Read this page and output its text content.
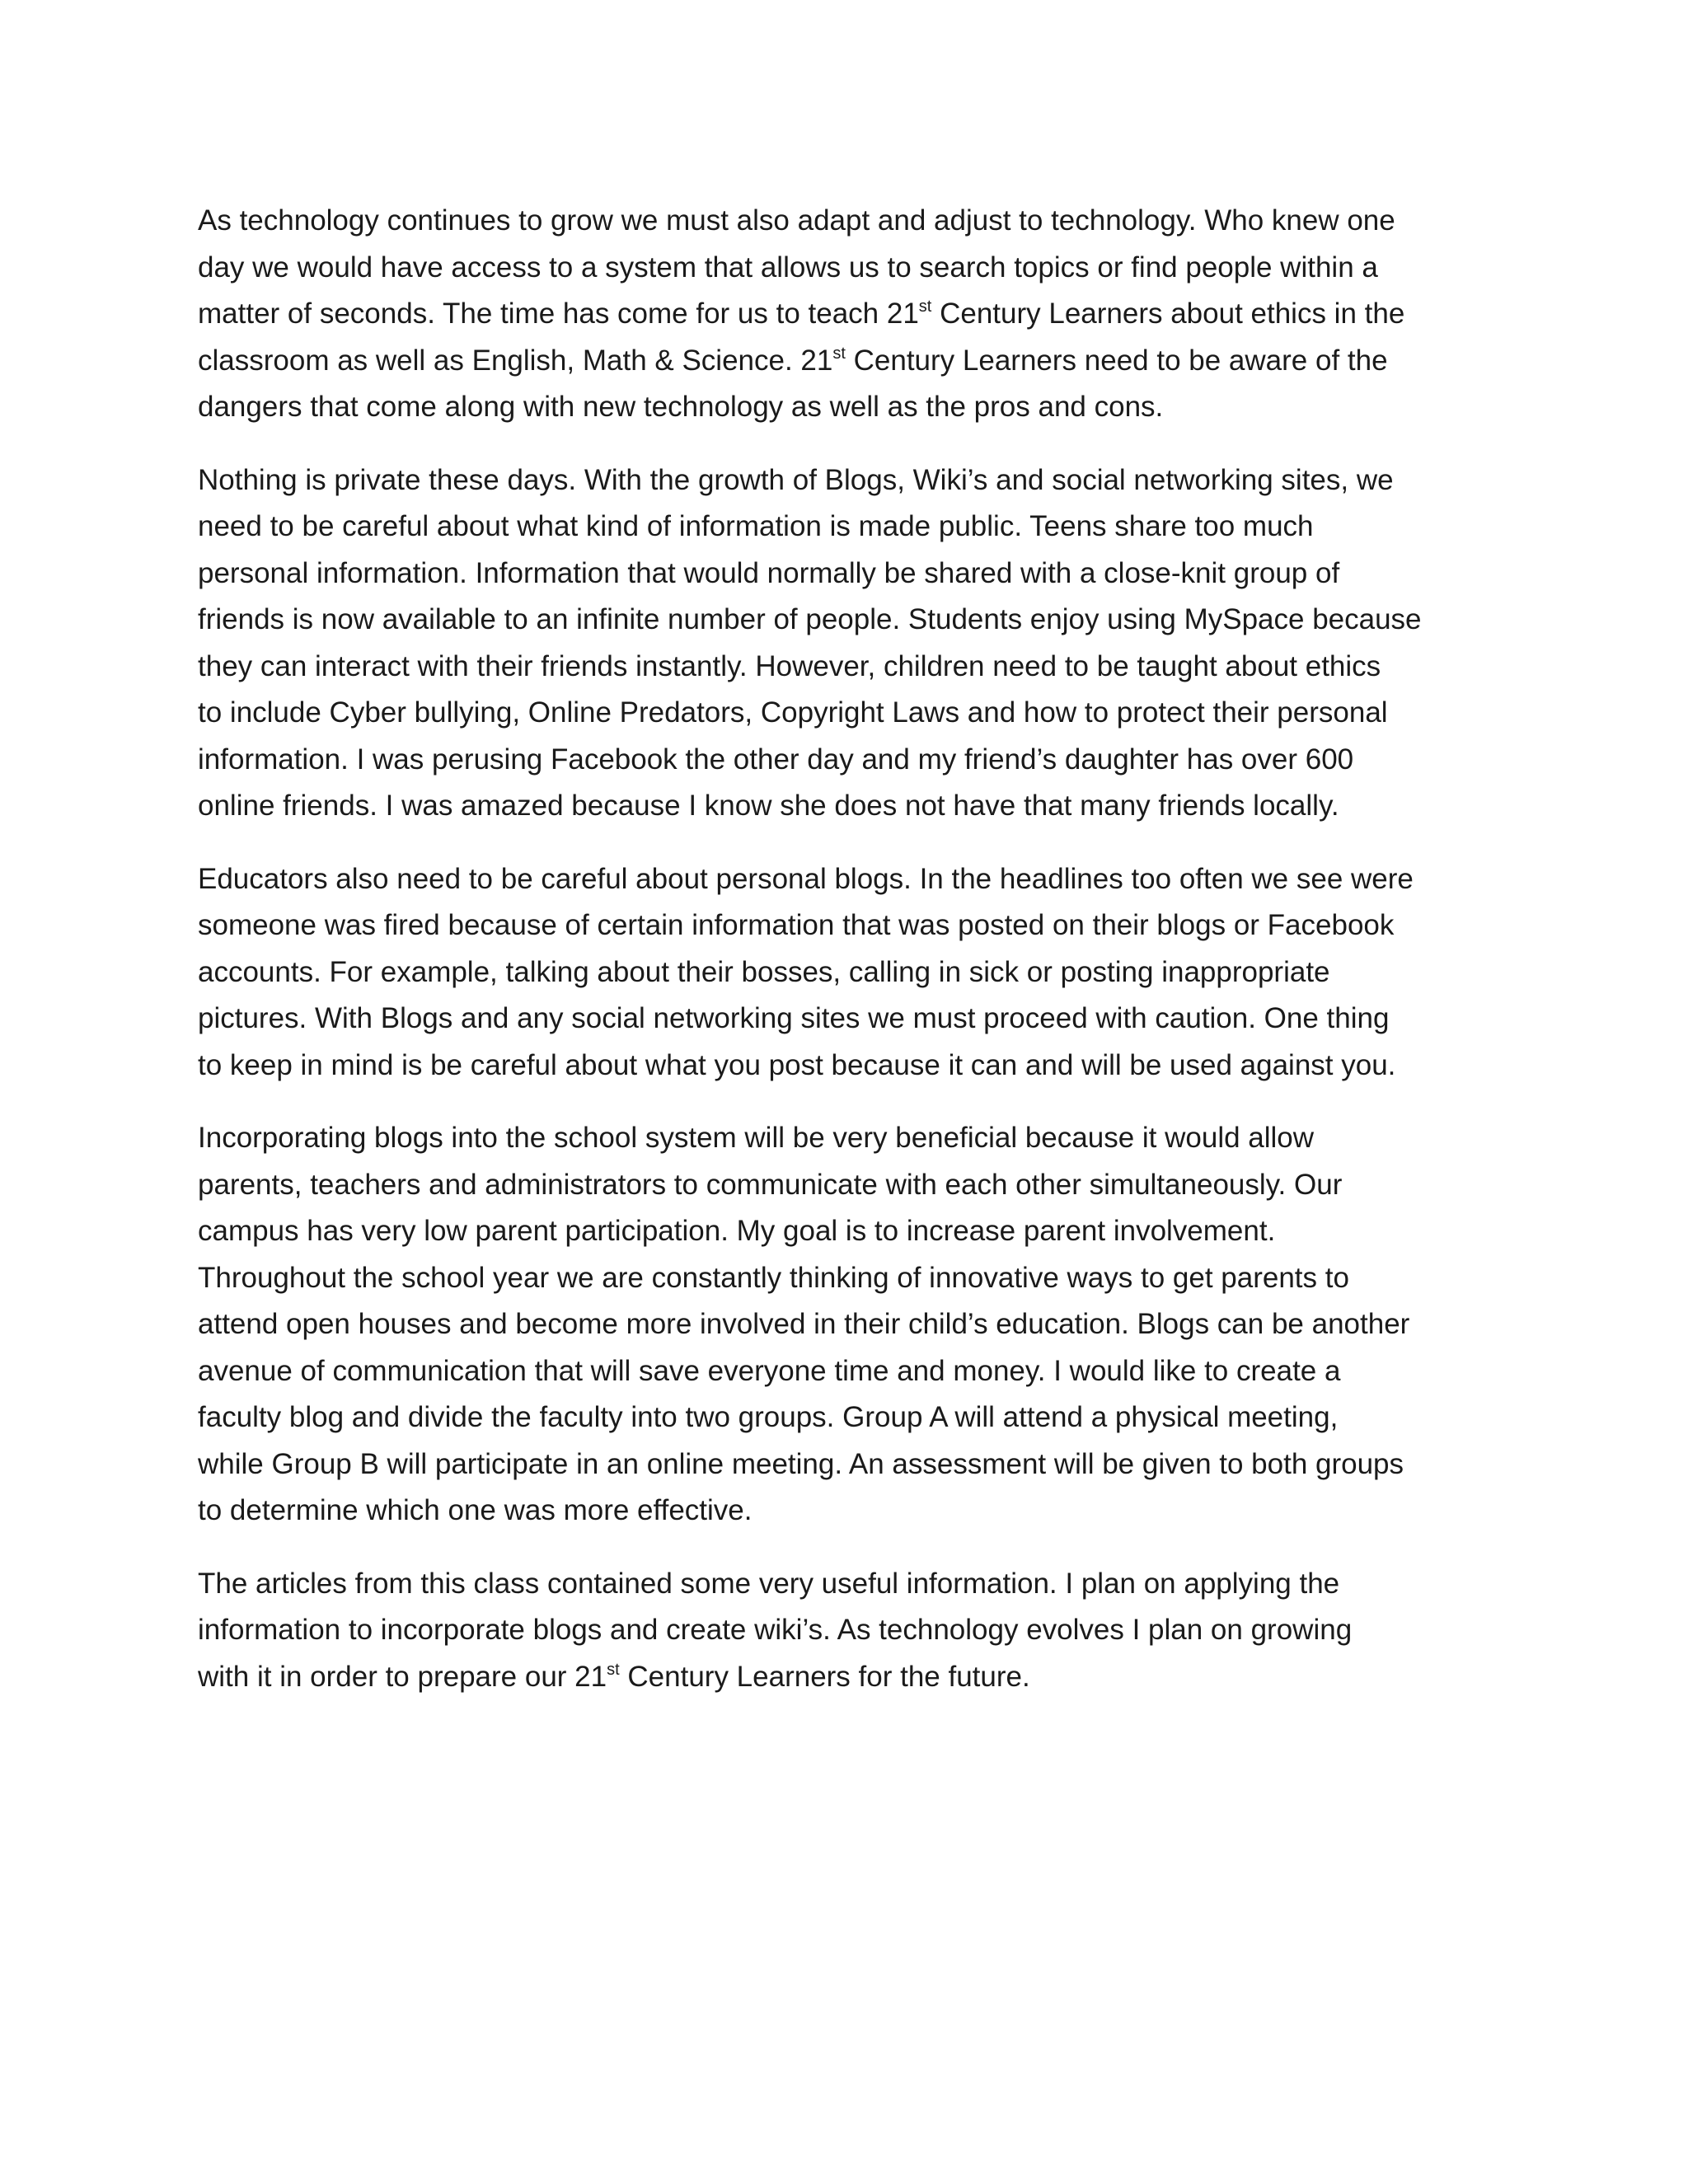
As technology continues to grow we must also adapt and adjust to technology. Who knew one
day we would have access to a system that allows us to search topics or find people within a
matter of seconds. The time has come for us to teach 21st Century Learners about ethics in the
classroom as well as English, Math & Science. 21st Century Learners need to be aware of the
dangers that come along with new technology as well as the pros and cons.

Nothing is private these days. With the growth of Blogs, Wiki’s and social networking sites, we
need to be careful about what kind of information is made public. Teens share too much
personal information. Information that would normally be shared with a close-knit group of
friends is now available to an infinite number of people. Students enjoy using MySpace because
they can interact with their friends instantly. However, children need to be taught about ethics
to include Cyber bullying, Online Predators, Copyright Laws and how to protect their personal
information. I was perusing Facebook the other day and my friend’s daughter has over 600
online friends. I was amazed because I know she does not have that many friends locally.

Educators also need to be careful about personal blogs. In the headlines too often we see were
someone was fired because of certain information that was posted on their blogs or Facebook
accounts. For example, talking about their bosses, calling in sick or posting inappropriate
pictures. With Blogs and any social networking sites we must proceed with caution. One thing
to keep in mind is be careful about what you post because it can and will be used against you.

Incorporating blogs into the school system will be very beneficial because it would allow
parents, teachers and administrators to communicate with each other simultaneously. Our
campus has very low parent participation. My goal is to increase parent involvement.
Throughout the school year we are constantly thinking of innovative ways to get parents to
attend open houses and become more involved in their child’s education. Blogs can be another
avenue of communication that will save everyone time and money. I would like to create a
faculty blog and divide the faculty into two groups. Group A will attend a physical meeting,
while Group B will participate in an online meeting. An assessment will be given to both groups
to determine which one was more effective.

The articles from this class contained some very useful information. I plan on applying the
information to incorporate blogs and create wiki’s. As technology evolves I plan on growing
with it in order to prepare our 21st Century Learners for the future.
